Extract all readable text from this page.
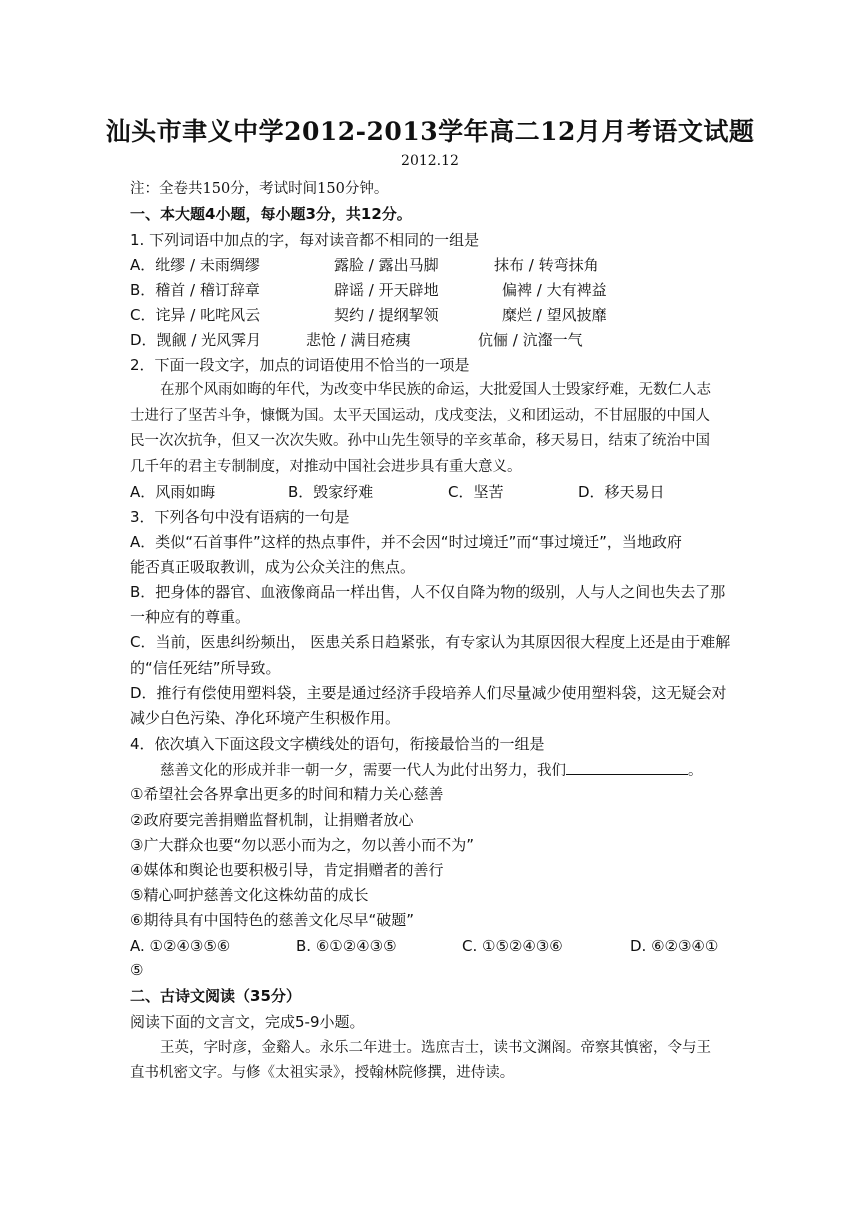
汕头市聿义中学2012-2013学年高二12月月考语文试题
2012.12
注：全卷共150分，考试时间150分钟。
一、本大题4小题，每小题3分，共12分。
1. 下列词语中加点的字，每对读音都不相同的一组是
A．纰缪 / 未雨绸缪	露脸 / 露出马脚	抹布 / 转弯抹角
B．稽首 / 稽订辞章	辟谣 / 开天辟地	偏裨 / 大有裨益
C．诧异 / 叱咤风云	契约 / 提纲挈领	糜烂 / 望风披靡
D．觊觎 / 光风霁月	悲怆 / 满目疮痍	伉俪 / 沆瀣一气
2．下面一段文字，加点的词语使用不恰当的一项是
在那个风雨如晦的年代，为改变中华民族的命运，大批爱国人士毁家纾难，无数仁人志
士进行了坚苦斗争，慷慨为国。太平天国运动，戊戌变法，义和团运动，不甘屈服的中国人
民一次次抗争，但又一次次失败。孙中山先生领导的辛亥革命，移天易日，结束了统治中国
几千年的君主专制制度，对推动中国社会进步具有重大意义。
A．风雨如晦	B．毁家纾难	C．坚苦	D．移天易日
3．下列各句中没有语病的一句是
A．类似“石首事件”这样的热点事件，并不会因“时过境迁”而“事过境迁”，当地政府
能否真正吸取教训，成为公众关注的焦点。
B．把身体的器官、血液像商品一样出售，人不仅自降为物的级别，人与人之间也失去了那
一种应有的尊重。
C．当前，医患纠纷频出， 医患关系日趋紧张，有专家认为其原因很大程度上还是由于难解
的“信任死结”所导致。
D．推行有偿使用塑料袋，主要是通过经济手段培养人们尽量减少使用塑料袋，这无疑会对
减少白色污染、净化环境产生积极作用。
4．依次填入下面这段文字横线处的语句，衔接最恰当的一组是
慈善文化的形成并非一朝一夕，需要一代人为此付出努力，我们	。
①希望社会各界拿出更多的时间和精力关心慈善
②政府要完善捐赠监督机制，让捐赠者放心
③广大群众也要“勿以恶小而为之，勿以善小而不为”
④媒体和舆论也要积极引导，肯定捐赠者的善行
⑤精心呵护慈善文化这株幼苗的成长
⑥期待具有中国特色的慈善文化尽早“破题”
A. ①②④③⑤⑥	B. ⑥①②④③⑤	C. ①⑤②④③⑥	D. ⑥②③④①
⑤
二、古诗文阅读（35分）
阅读下面的文言文，完成5-9小题。
王英，字时彦，金谿人。永乐二年进士。选庶吉士，读书文渊阁。帝察其慎密，令与王
直书机密文字。与修《太祖实录》，授翰林院修撰，进侍读。
